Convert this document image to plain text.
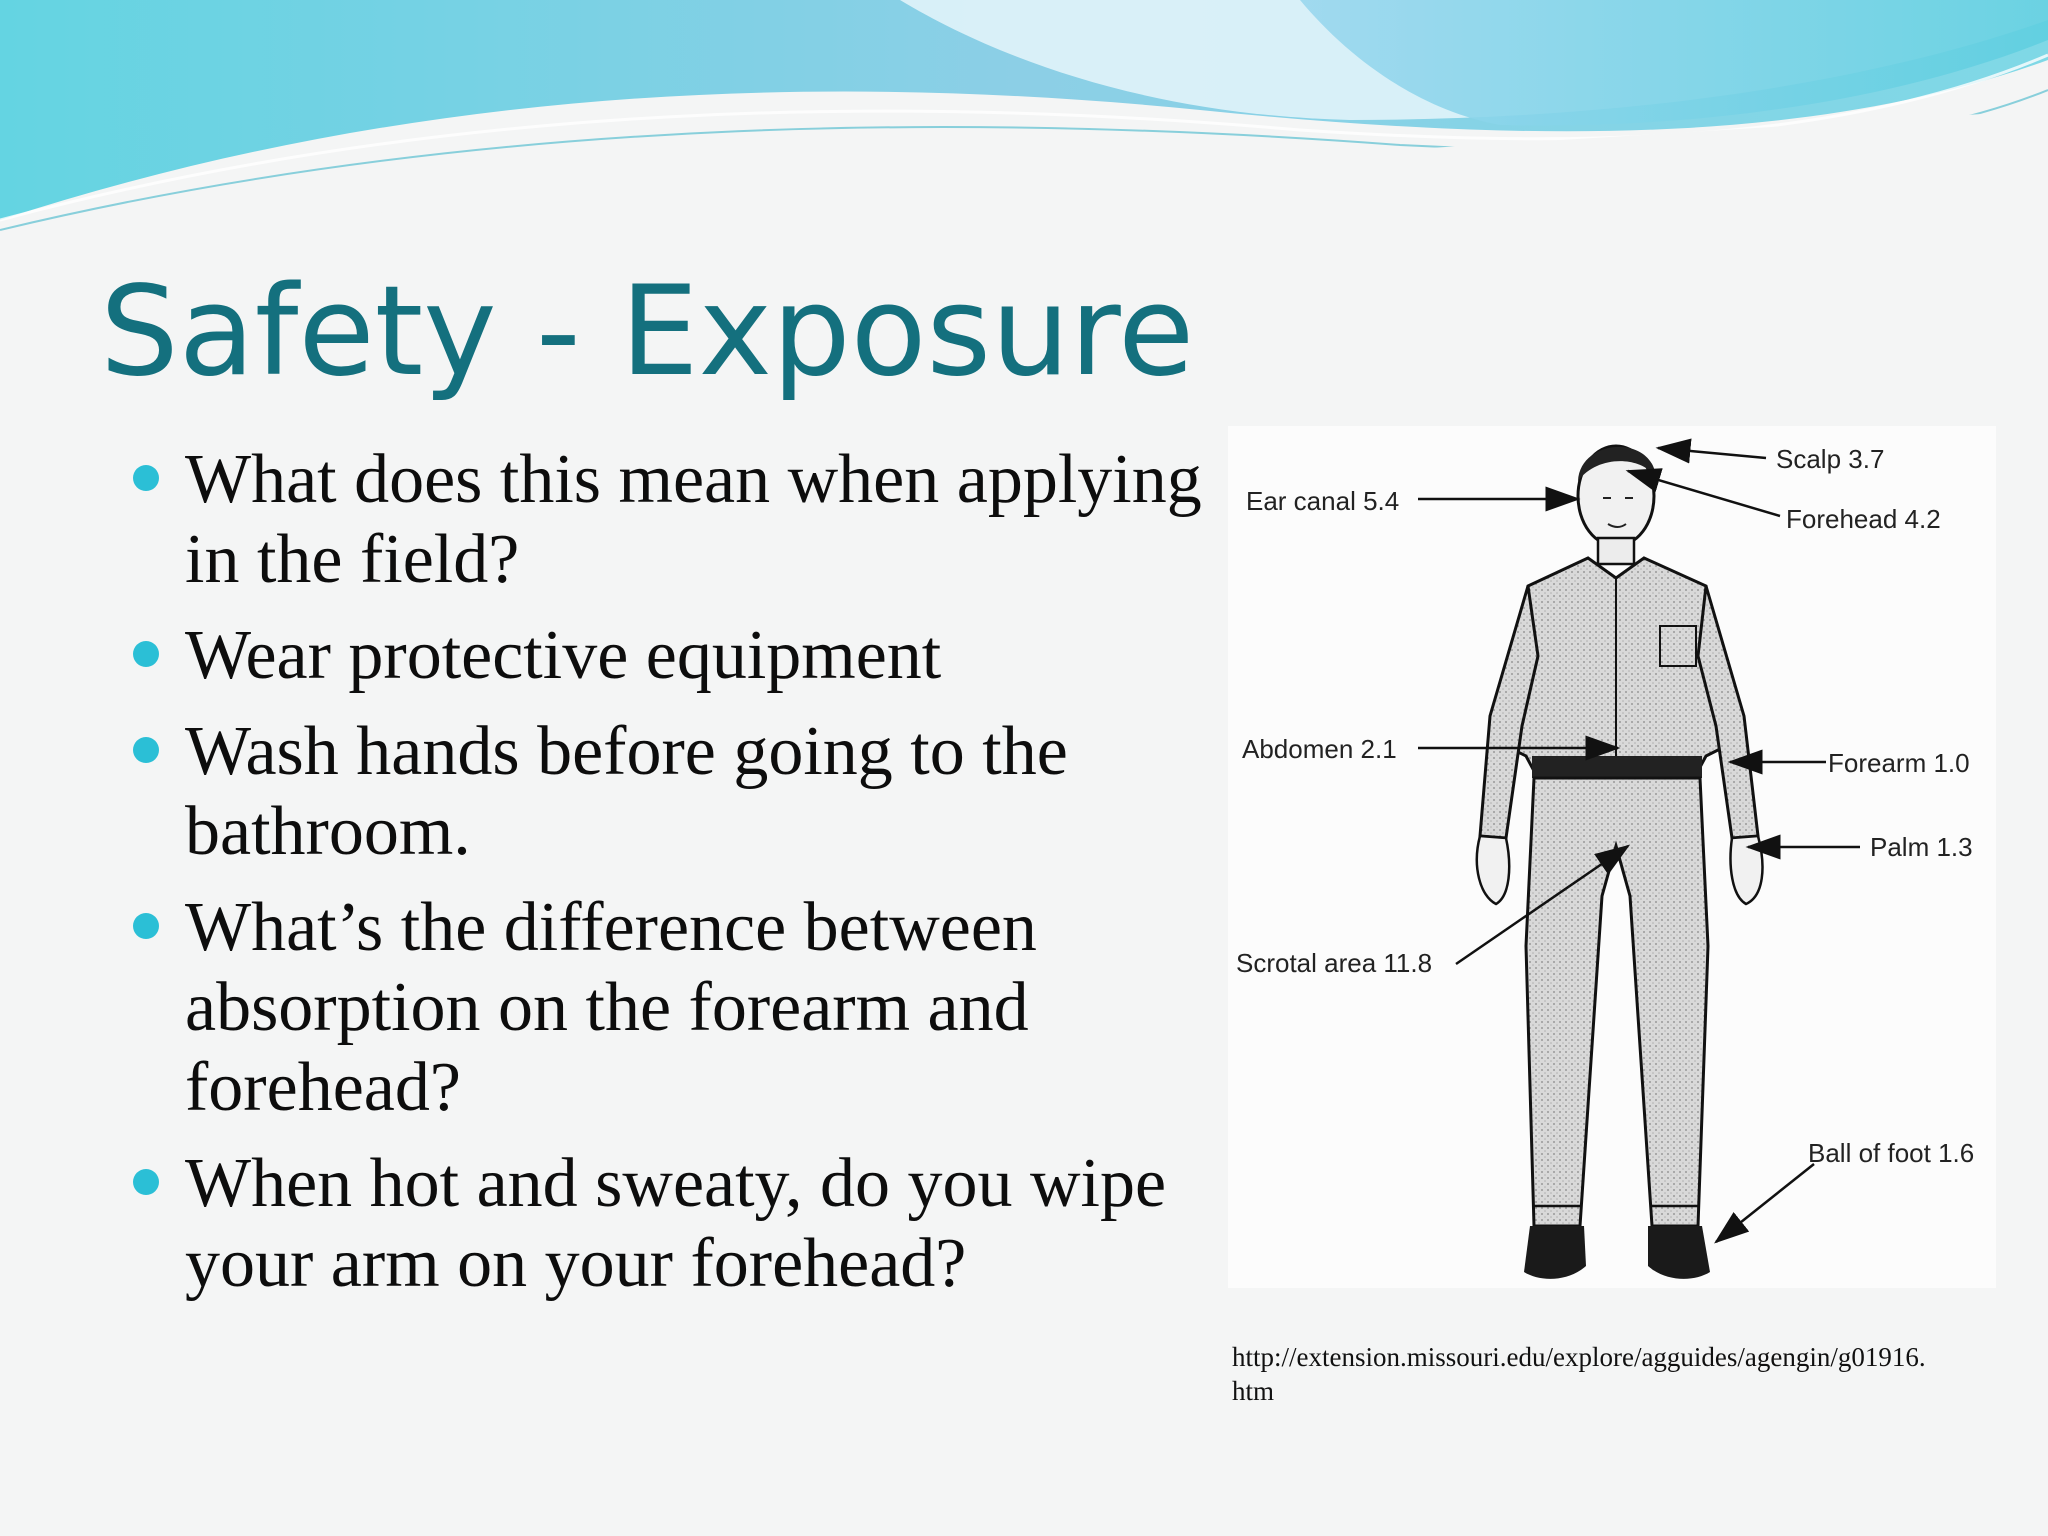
Safety - Exposure
What does this mean when applying in the field?
Wear protective equipment
Wash hands before going to the bathroom.
What’s the difference between absorption on the forearm and forehead?
When hot and sweaty, do you wipe your arm on your forehead?
Scalp 3.7
Ear canal 5.4
Forehead 4.2
Abdomen 2.1	Forearm 1.0
Palm 1.3
Scrotal area 11.8
Ball of foot 1.6
http://extension.missouri.edu/explore/agguides/agengin/g01916.htm
